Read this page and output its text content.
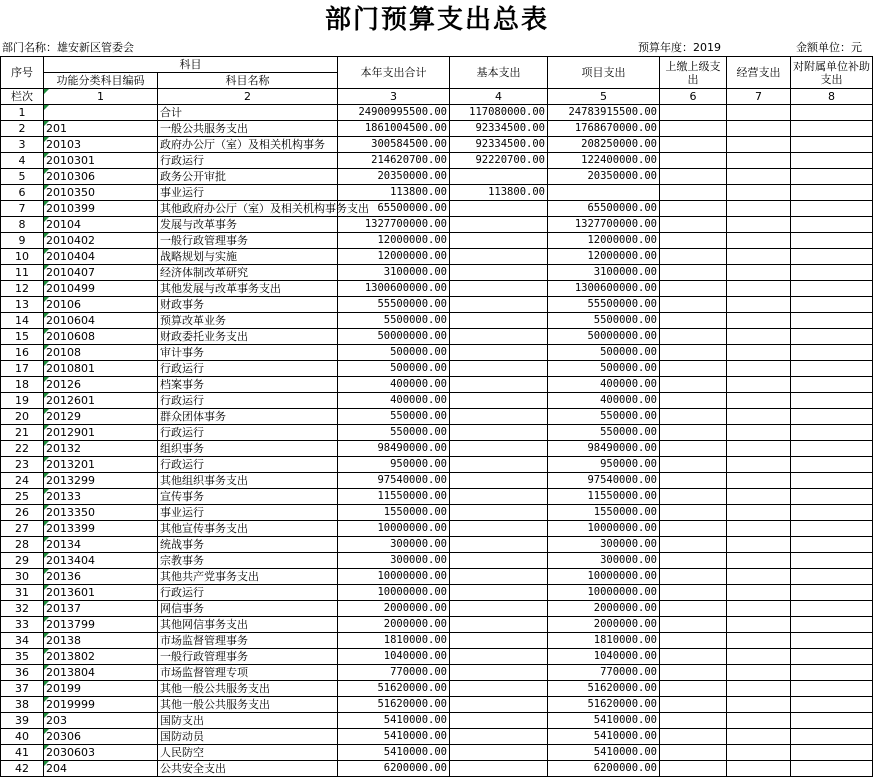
部门预算支出总表
部门名称：雄安新区管委会	预算年度：2019	金额单位：元
序号	科目		本年支出合计	基本支出	项目支出	上缴上级支出	经营支出	对附属单位补助支出
	功能分类科目编码	科目名称						
栏次	1	2	3	4	5	6	7	8
1		合计	24900995500.00	117080000.00	24783915500.00			
2	201	一般公共服务支出	1861004500.00	92334500.00	1768670000.00			
3	20103	政府办公厅（室）及相关机构事务	300584500.00	92334500.00	208250000.00			
4	2010301	行政运行	214620700.00	92220700.00	122400000.00			
5	2010306	政务公开审批	20350000.00		20350000.00			
6	2010350	事业运行	113800.00	113800.00				
7	2010399	其他政府办公厅（室）及相关机构事务支出	65500000.00		65500000.00			
8	20104	发展与改革事务	1327700000.00		1327700000.00			
9	2010402	一般行政管理事务	12000000.00		12000000.00			
10	2010404	战略规划与实施	12000000.00		12000000.00			
11	2010407	经济体制改革研究	3100000.00		3100000.00			
12	2010499	其他发展与改革事务支出	1300600000.00		1300600000.00			
13	20106	财政事务	55500000.00		55500000.00			
14	2010604	预算改革业务	5500000.00		5500000.00			
15	2010608	财政委托业务支出	50000000.00		50000000.00			
16	20108	审计事务	500000.00		500000.00			
17	2010801	行政运行	500000.00		500000.00			
18	20126	档案事务	400000.00		400000.00			
19	2012601	行政运行	400000.00		400000.00			
20	20129	群众团体事务	550000.00		550000.00			
21	2012901	行政运行	550000.00		550000.00			
22	20132	组织事务	98490000.00		98490000.00			
23	2013201	行政运行	950000.00		950000.00			
24	2013299	其他组织事务支出	97540000.00		97540000.00			
25	20133	宣传事务	11550000.00		11550000.00			
26	2013350	事业运行	1550000.00		1550000.00			
27	2013399	其他宣传事务支出	10000000.00		10000000.00			
28	20134	统战事务	300000.00		300000.00			
29	2013404	宗教事务	300000.00		300000.00			
30	20136	其他共产党事务支出	10000000.00		10000000.00			
31	2013601	行政运行	10000000.00		10000000.00			
32	20137	网信事务	2000000.00		2000000.00			
33	2013799	其他网信事务支出	2000000.00		2000000.00			
34	20138	市场监督管理事务	1810000.00		1810000.00			
35	2013802	一般行政管理事务	1040000.00		1040000.00			
36	2013804	市场监督管理专项	770000.00		770000.00			
37	20199	其他一般公共服务支出	51620000.00		51620000.00			
38	2019999	其他一般公共服务支出	51620000.00		51620000.00			
39	203	国防支出	5410000.00		5410000.00			
40	20306	国防动员	5410000.00		5410000.00			
41	2030603	人民防空	5410000.00		5410000.00			
42	204	公共安全支出	6200000.00		6200000.00			
